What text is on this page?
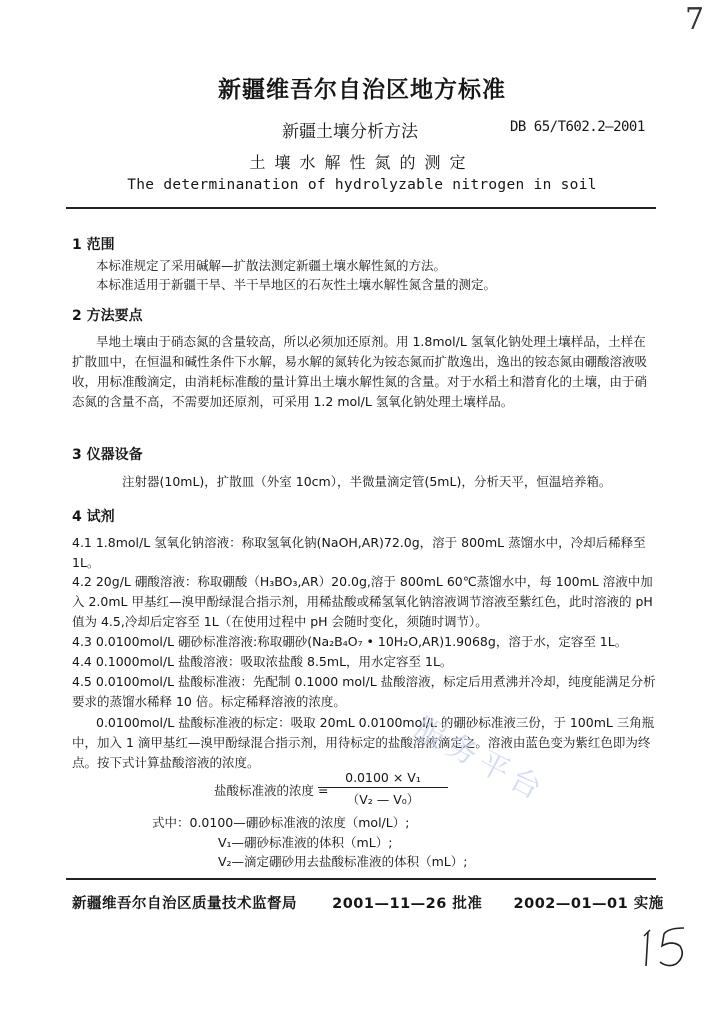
7
新疆维吾尔自治区地方标准
新疆土壤分析方法	DB 65/T602.2—2001
土壤水解性氮的测定
The determinanation of hydrolyzable nitrogen in soil
1 范围
本标准规定了采用碱解—扩散法测定新疆土壤水解性氮的方法。
本标准适用于新疆干旱、半干旱地区的石灰性土壤水解性氮含量的测定。
2 方法要点
旱地土壤由于硝态氮的含量较高，所以必须加还原剂。用 1.8mol/L 氢氧化钠处理土壤样品，土样在扩散皿中，在恒温和碱性条件下水解，易水解的氮转化为铵态氮而扩散逸出，逸出的铵态氮由硼酸溶液吸收，用标准酸滴定，由消耗标准酸的量计算出土壤水解性氮的含量。对于水稻土和潜育化的土壤，由于硝态氮的含量不高，不需要加还原剂，可采用 1.2 mol/L 氢氧化钠处理土壤样品。
3 仪器设备
注射器(10mL)，扩散皿（外室 10cm），半微量滴定管(5mL)，分析天平，恒温培养箱。
4 试剂
4.1 1.8mol/L 氢氧化钠溶液：称取氢氧化钠(NaOH,AR)72.0g，溶于 800mL 蒸馏水中，冷却后稀释至 1L。
4.2 20g/L 硼酸溶液：称取硼酸（H₃BO₃,AR）20.0g,溶于 800mL 60℃蒸馏水中，每 100mL 溶液中加入 2.0mL 甲基红—溴甲酚绿混合指示剂，用稀盐酸或稀氢氧化钠溶液调节溶液至紫红色，此时溶液的 pH 值为 4.5,冷却后定容至 1L（在使用过程中 pH 会随时变化，须随时调节）。
4.3 0.0100mol/L 硼砂标准溶液:称取硼砂(Na₂B₄O₇ • 10H₂O,AR)1.9068g，溶于水，定容至 1L。
4.4 0.1000mol/L 盐酸溶液：吸取浓盐酸 8.5mL，用水定容至 1L。
4.5 0.0100mol/L 盐酸标准液：先配制 0.1000 mol/L 盐酸溶液，标定后用煮沸并冷却，纯度能满足分析要求的蒸馏水稀释 10 倍。标定稀释溶液的浓度。
0.0100mol/L 盐酸标准液的标定：吸取 20mL 0.0100mol/L 的硼砂标准液三份，于 100mL 三角瓶中，加入 1 滴甲基红—溴甲酚绿混合指示剂，用待标定的盐酸溶液滴定之。溶液由蓝色变为紫红色即为终点。按下式计算盐酸溶液的浓度。
盐酸标准液的浓度 =
$\frac{\text{0.0100 × V₁}}{\text{（V₂ — V₀）}}$
式中：0.0100—硼砂标准液的浓度（mol/L）;
V₁—硼砂标准液的体积（mL）;
V₂—滴定硼砂用去盐酸标准液的体积（mL）;
新疆维吾尔自治区质量技术监督局 2001—11—26 批准 2002—01—01 实施
服务平台
